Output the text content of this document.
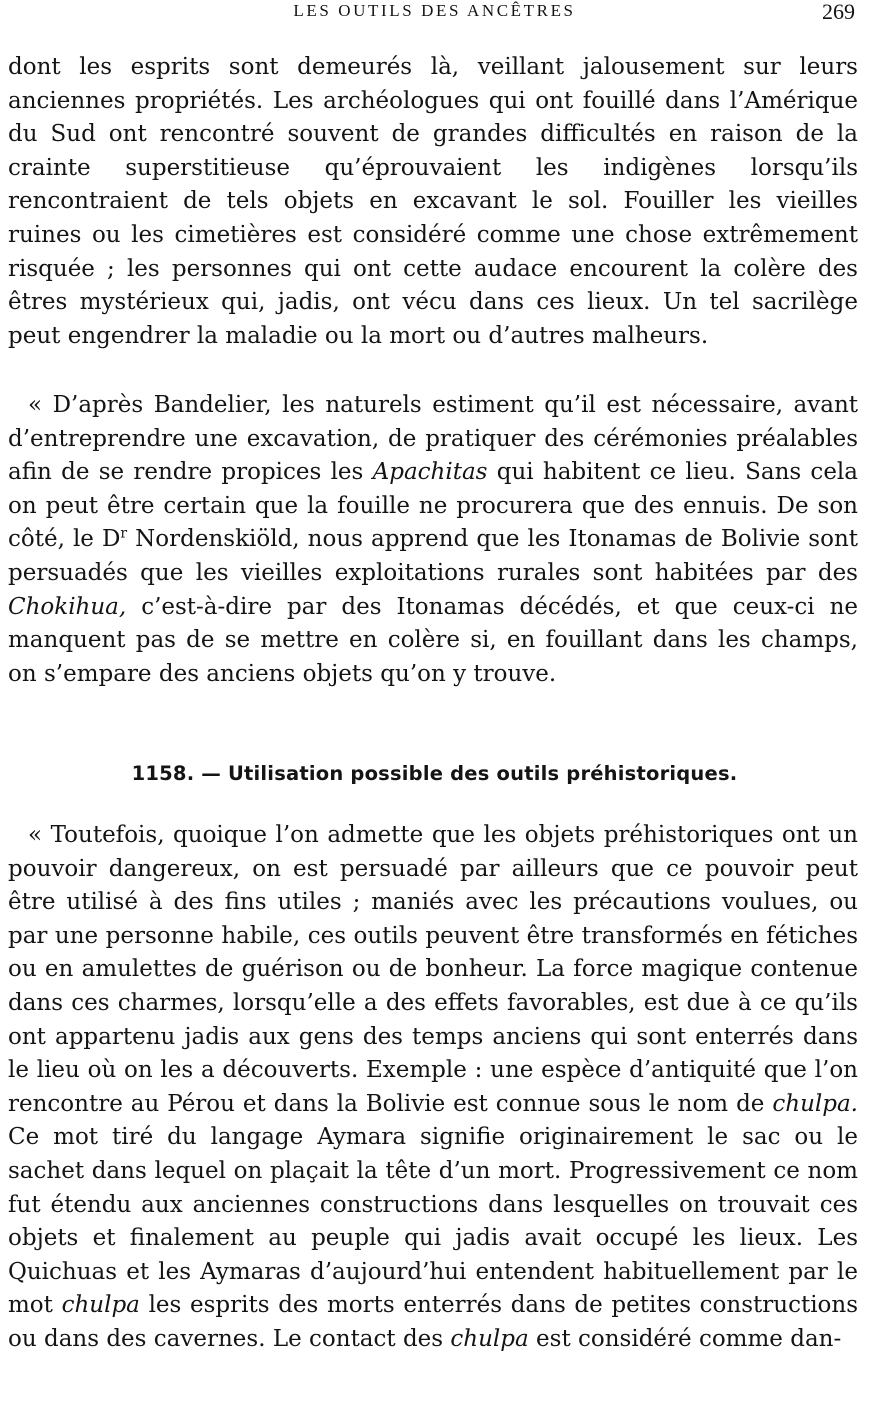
LES OUTILS DES ANCÊTRES	269

dont les esprits sont demeurés là, veillant jalousement sur leurs anciennes propriétés. Les archéologues qui ont fouillé dans l’Amérique du Sud ont rencontré souvent de grandes difficultés en raison de la crainte superstitieuse qu’éprouvaient les indigènes lorsqu’ils rencontraient de tels objets en excavant le sol. Fouiller les vieilles ruines ou les cimetières est considéré comme une chose extrêmement risquée ; les personnes qui ont cette audace encourent la colère des êtres mystérieux qui, jadis, ont vécu dans ces lieux. Un tel sacrilège peut engendrer la maladie ou la mort ou d’autres malheurs.

« D’après Bandelier, les naturels estiment qu’il est nécessaire, avant d’entreprendre une excavation, de pratiquer des cérémonies préalables afin de se rendre propices les Apachitas qui habitent ce lieu. Sans cela on peut être certain que la fouille ne procurera que des ennuis. De son côté, le $D^r$ Nordenskiöld, nous apprend que les Itonamas de Bolivie sont persuadés que les vieilles exploitations rurales sont habitées par des Chokihua, c’est-à-dire par des Itonamas décédés, et que ceux-ci ne manquent pas de se mettre en colère si, en fouillant dans les champs, on s’empare des anciens objets qu’on y trouve.

1158. — Utilisation possible des outils préhistoriques.

« Toutefois, quoique l’on admette que les objets préhistoriques ont un pouvoir dangereux, on est persuadé par ailleurs que ce pouvoir peut être utilisé à des fins utiles ; maniés avec les précautions voulues, ou par une personne habile, ces outils peuvent être transformés en fétiches ou en amulettes de guérison ou de bonheur. La force magique contenue dans ces charmes, lorsqu’elle a des effets favorables, est due à ce qu’ils ont appartenu jadis aux gens des temps anciens qui sont enterrés dans le lieu où on les a découverts. Exemple : une espèce d’antiquité que l’on rencontre au Pérou et dans la Bolivie est connue sous le nom de chulpa. Ce mot tiré du langage Aymara signifie originairement le sac ou le sachet dans lequel on plaçait la tête d’un mort. Progressivement ce nom fut étendu aux anciennes constructions dans lesquelles on trouvait ces objets et finalement au peuple qui jadis avait occupé les lieux. Les Quichuas et les Aymaras d’aujourd’hui entendent habituellement par le mot chulpa les esprits des morts enterrés dans de petites constructions ou dans des cavernes. Le contact des chulpa est considéré comme dan-
